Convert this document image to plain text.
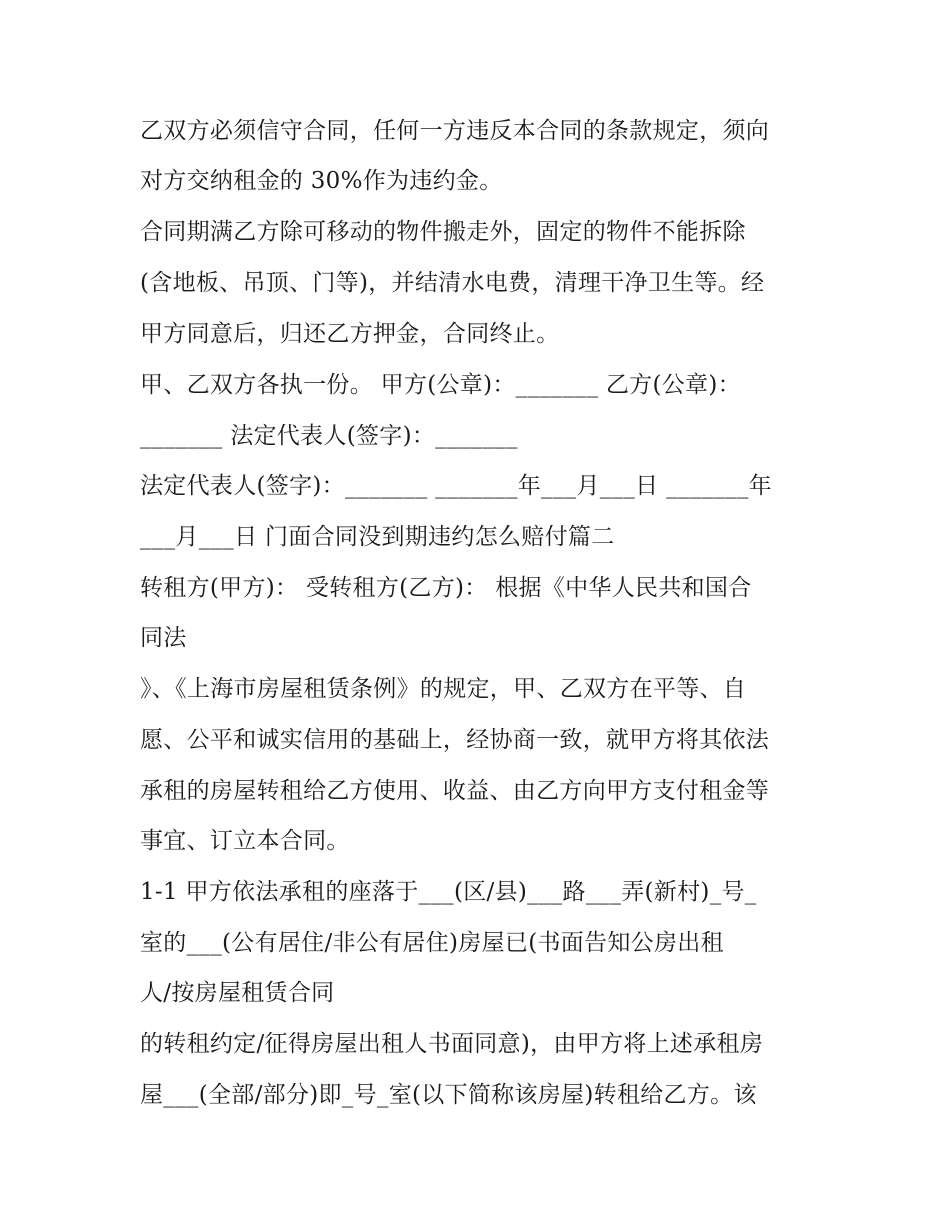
乙双方必须信守合同，任何一方违反本合同的条款规定，须向
对方交纳租金的 30%作为违约金。
合同期满乙方除可移动的物件搬走外，固定的物件不能拆除
(含地板、吊顶、门等)，并结清水电费，清理干净卫生等。经
甲方同意后，归还乙方押金，合同终止。
甲、乙双方各执一份。 甲方(公章)：_______ 乙方(公章)：
_______ 法定代表人(签字)：_______
法定代表人(签字)：_______ _______年___月___日 _______年
___月___日 门面合同没到期违约怎么赔付篇二
转租方(甲方)： 受转租方(乙方)： 根据《中华人民共和国合
同法
》、《上海市房屋租赁条例》的规定，甲、乙双方在平等、自
愿、公平和诚实信用的基础上，经协商一致，就甲方将其依法
承租的房屋转租给乙方使用、收益、由乙方向甲方支付租金等
事宜、订立本合同。
1-1 甲方依法承租的座落于___(区/县)___路___弄(新村)_号_
室的___(公有居住/非公有居住)房屋已(书面告知公房出租
人/按房屋租赁合同
的转租约定/征得房屋出租人书面同意)，由甲方将上述承租房
屋___(全部/部分)即_号_室(以下简称该房屋)转租给乙方。该
